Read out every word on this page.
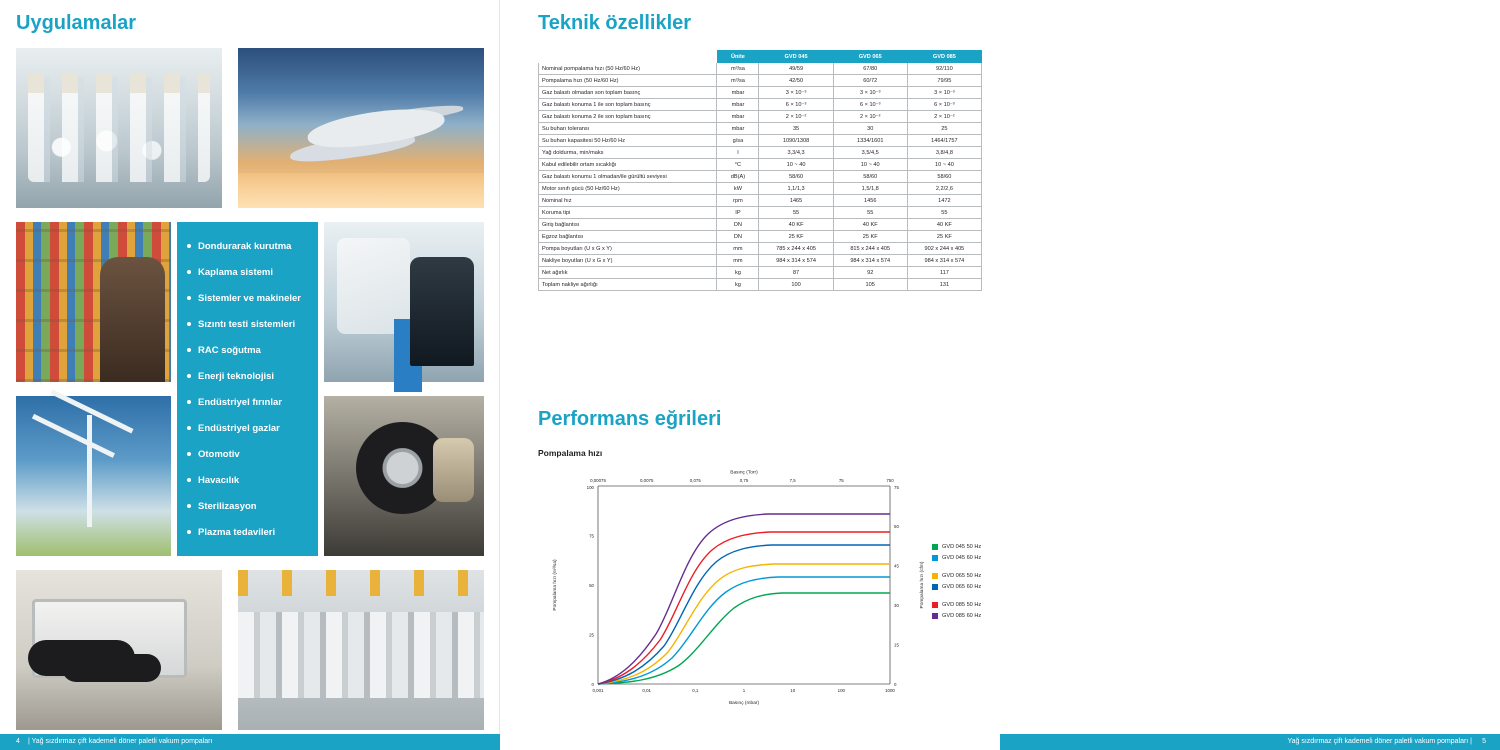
Uygulamalar
Dondurarak kurutma
Kaplama sistemi
Sistemler ve makineler
Sızıntı testi sistemleri
RAC soğutma
Enerji teknolojisi
Endüstriyel fırınlar
Endüstriyel gazlar
Otomotiv
Havacılık
Sterilizasyon
Plazma tedavileri
4 | Yağ sızdırmaz çift kademeli döner paletli vakum pompaları
Teknik özellikler
	Ünite	GVD 045	GVD 065	GVD 085
Nominal pompalama hızı (50 Hz/60 Hz)	m³/sa	49/59	67/80	92/110
Pompalama hızı (50 Hz/60 Hz)	m³/sa	42/50	60/72	79/95
Gaz balastı olmadan son toplam basınç	mbar	3 × 10⁻³	3 × 10⁻³	3 × 10⁻³
Gaz balastı konuma 1 ile son toplam basınç	mbar	6 × 10⁻³	6 × 10⁻³	6 × 10⁻³
Gaz balastı konuma 2 ile son toplam basınç	mbar	2 × 10⁻²	2 × 10⁻²	2 × 10⁻²
Su buharı toleransı	mbar	35	30	25
Su buharı kapasitesi 50 Hz/60 Hz	g/sa	1090/1308	1334/1601	1464/1757
Yağ doldurma, min/maks	l	3,3/4,3	3,5/4,5	3,8/4,8
Kabul edilebilir ortam sıcaklığı	°C	10 ~ 40	10 ~ 40	10 ~ 40
Gaz balastı konumu 1 olmadan/ile gürültü seviyesi	dB(A)	58/60	58/60	58/60
Motor sınıfı gücü (50 Hz/60 Hz)	kW	1,1/1,3	1,5/1,8	2,2/2,6
Nominal hız	rpm	1465	1456	1472
Koruma tipi	IP	55	55	55
Giriş bağlantısı	DN	40 KF	40 KF	40 KF
Egzoz bağlantısı	DN	25 KF	25 KF	25 KF
Pompa boyutları (U x G x Y)	mm	785 x 244 x 405	815 x 244 x 405	902 x 244 x 405
Nakliye boyutları (U x G x Y)	mm	984 x 314 x 574	984 x 314 x 574	984 x 314 x 574
Net ağırlık	kg	87	92	117
Toplam nakliye ağırlığı	kg	100	105	131
Performans eğrileri
Pompalama hızı
0,00075	0,0075	0,075	0,75	7,5	75	750
0,001	0,01	0,1	1	10	100	1000
0
25
50
75
100
0
15
30
45
60
75
Basınç (Torr)
Basınç (mbar)
Pompalama hızı (m³/sa)	Pompalama hızı (cfm)
GVD 045 50 Hz
GVD 045 60 Hz
GVD 065 50 Hz
GVD 065 60 Hz
GVD 085 50 Hz
GVD 085 60 Hz
Yağ sızdırmaz çift kademeli döner paletli vakum pompaları | 5
